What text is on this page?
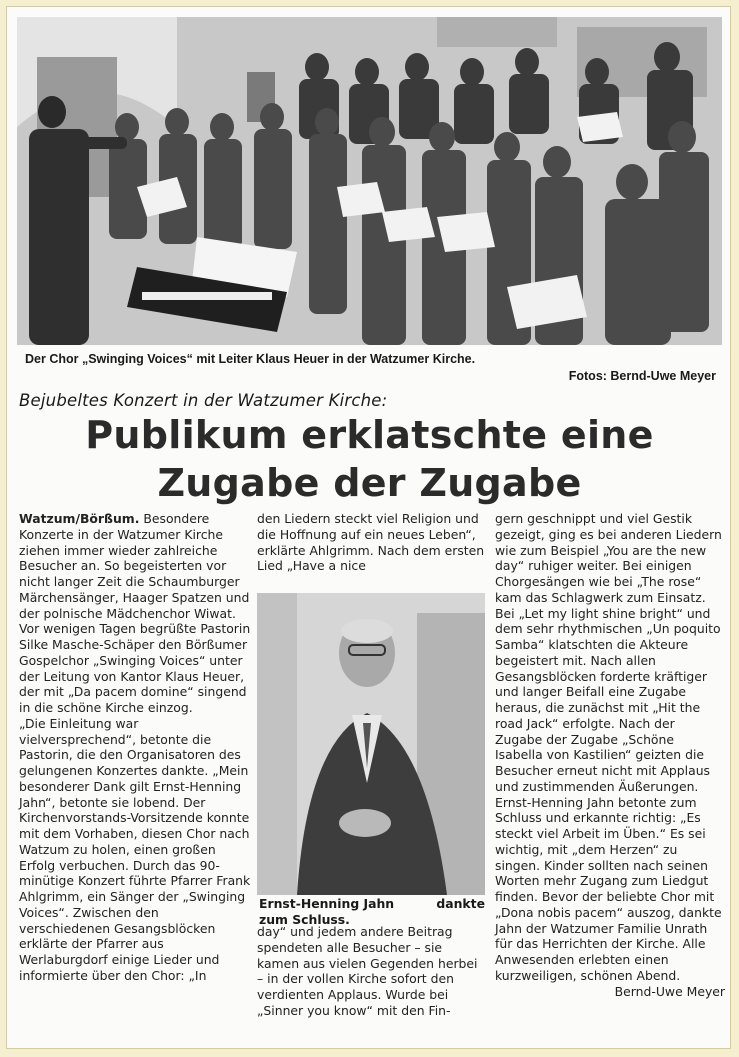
Der Chor „Swinging Voices“ mit Leiter Klaus Heuer in der Watzumer Kirche.
Fotos: Bernd-Uwe Meyer
Bejubeltes Konzert in der Watzumer Kirche:
Publikum erklatschte eine
Zugabe der Zugabe

Watzum/Börßum. Besondere Konzerte in der Watzumer Kirche ziehen immer wieder zahlreiche Besucher an. So begeisterten vor nicht langer Zeit die Schaumburger Märchensänger, Haager Spatzen und der polnische Mädchenchor Wiwat. Vor wenigen Tagen begrüßte Pastorin Silke Masche-Schäper den Börßumer Gospelchor „Swinging Voices“ unter der Leitung von Kantor Klaus Heuer, der mit „Da pacem domine“ singend in die schöne Kirche einzog.

„Die Einleitung war vielversprechend“, betonte die Pastorin, die den Organisatoren des gelungenen Konzertes dankte. „Mein besonderer Dank gilt Ernst-Henning Jahn“, betonte sie lobend. Der Kirchenvorstands-Vorsitzende konnte mit dem Vorhaben, diesen Chor nach Watzum zu holen, einen großen Erfolg verbuchen. Durch das 90-minütige Konzert führte Pfarrer Frank Ahlgrimm, ein Sänger der „Swinging Voices“. Zwischen den verschiedenen Gesangsblöcken erklärte der Pfarrer aus Werlaburgdorf einige Lieder und informierte über den Chor: „In

den Liedern steckt viel Religion und die Hoffnung auf ein neues Leben“, erklärte Ahlgrimm. Nach dem ersten Lied „Have a nice

Ernst-Henning Jahn	dankte
zum Schluss.

day“ und jedem andere Beitrag spendeten alle Besucher – sie kamen aus vielen Gegenden herbei – in der vollen Kirche sofort den verdienten Applaus. Wurde bei „Sinner you know“ mit den Fin-

gern geschnippt und viel Gestik gezeigt, ging es bei anderen Liedern wie zum Beispiel „You are the new day“ ruhiger weiter. Bei einigen Chorgesängen wie bei „The rose“ kam das Schlagwerk zum Einsatz. Bei „Let my light shine bright“ und dem sehr rhythmischen „Un poquito Samba“ klatschten die Akteure begeistert mit. Nach allen Gesangsblöcken forderte kräftiger und langer Beifall eine Zugabe heraus, die zunächst mit „Hit the road Jack“ erfolgte. Nach der Zugabe der Zugabe „Schöne Isabella von Kastilien“ geizten die Besucher erneut nicht mit Applaus und zustimmenden Äußerungen. Ernst-Henning Jahn betonte zum Schluss und erkannte richtig: „Es steckt viel Arbeit im Üben.“ Es sei wichtig, mit „dem Herzen“ zu singen. Kinder sollten nach seinen Worten mehr Zugang zum Liedgut finden. Bevor der beliebte Chor mit „Dona nobis pacem“ auszog, dankte Jahn der Watzumer Familie Unrath für das Herrichten der Kirche. Alle Anwesenden erlebten einen kurzweiligen, schönen Abend.

Bernd-Uwe Meyer
